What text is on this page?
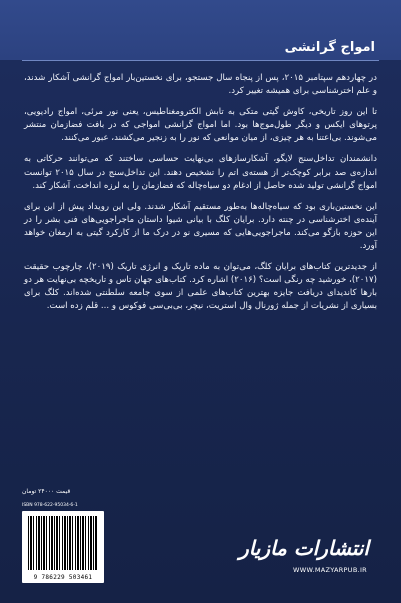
امواج گرانشی

در چهاردهم سپتامبر ۲۰۱۵، پس از پنجاه سال جستجو، برای نخستین‌بار امواج گرانشی آشکار شدند، و علم اخترشناسی برای همیشه تغییر کرد.

تا این روز تاریخی، کاوش گیتی متکی به تابش الکترومغناطیس، یعنی نور مرئی، امواج رادیویی، پرتوهای ایکس و دیگر طول‌موج‌ها بود. اما امواج گرانشی امواجی که در بافت فضازمان منتشر می‌شوند. بی‌اعتنا به هر چیزی، از میان موانعی که نور را به زنجیر می‌کشند، عبور می‌کنند.

دانشمندان تداخل‌سنج لایگو، آشکارسازهای بی‌نهایت حساسی ساختند که می‌توانند حرکاتی به اندازه‌ی صد برابر کوچک‌تر از هسته‌ی اتم را تشخیص دهند. این تداخل‌سنج در سال ۲۰۱۵ توانست امواج گرانشی تولید شده حاصل از ادغام دو سیاه‌چاله که فضازمان را به لرزه انداخت، آشکار کند.

این نخستین‌باری بود که سیاه‌چاله‌ها به‌طور مستقیم آشکار شدند. ولی این رویداد پیش از این برای آینده‌ی اخترشناسی در چنته دارد. برایان کلگ با بیانی شیوا داستان ماجراجویی‌های فنی بشر را در این حوزه بازگو می‌کند. ماجراجویی‌هایی که مسیری نو در درک ما از کارکرد گیتی به ارمغان خواهد آورد.

از جدیدترین کتاب‌های برایان کلگ، می‌توان به ماده تاریک و انرژی تاریک (۲۰۱۹)، چارچوب حقیقت (۲۰۱۷)، خورشید چه رنگی است؟ (۲۰۱۶) اشاره کرد. کتاب‌های جهان تاس و تاریخچه بی‌نهایت هر دو بارها کاندیدای دریافت جایزه بهترین کتاب‌های علمی از سوی جامعه سلطنتی شده‌اند. کلگ برای بسیاری از نشریات از جمله ژورنال وال استریت، نیچر، بی‌بی‌سی فوکوس و ... قلم زده است.

قیمت ۲۴۰۰۰ تومان
ISBN 978-622-95034-6-1
9 786229 503461
انتشارات مازیار
WWW.MAZYARPUB.IR
